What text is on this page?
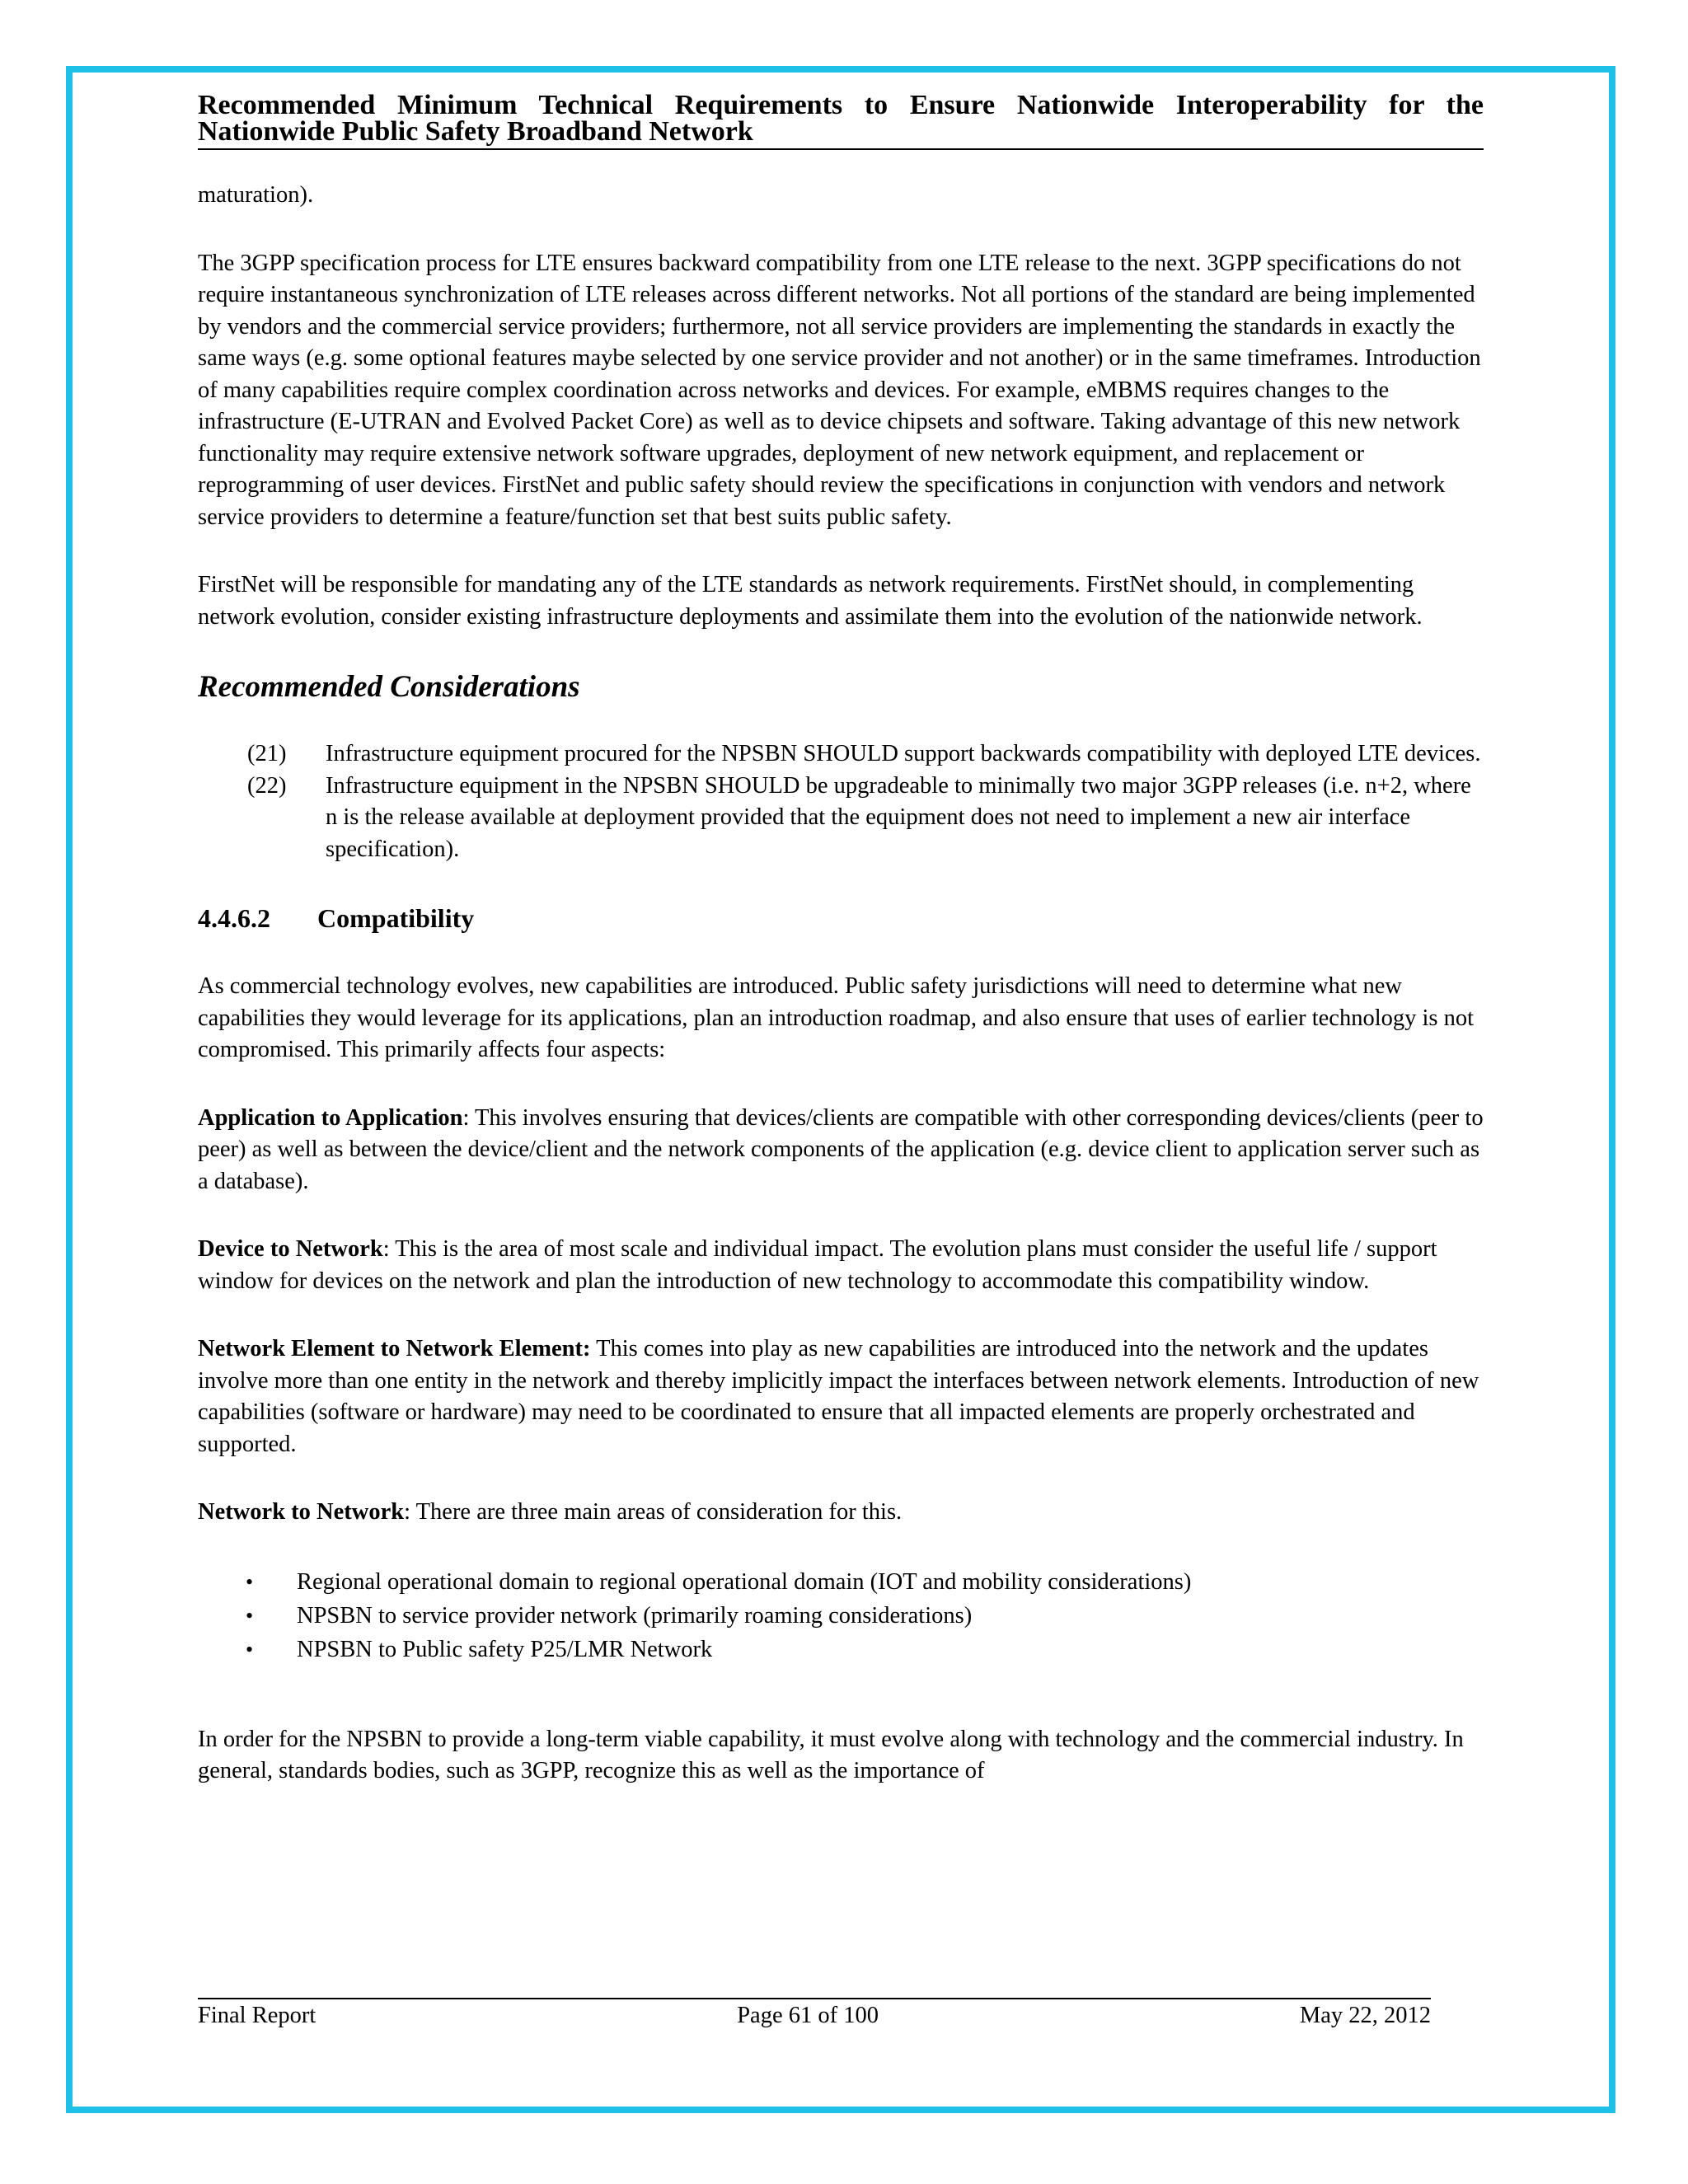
Recommended Minimum Technical Requirements to Ensure Nationwide Interoperability for the
Nationwide Public Safety Broadband Network

maturation).

The 3GPP specification process for LTE ensures backward compatibility from one LTE release to the next. 3GPP specifications do not require instantaneous synchronization of LTE releases across different networks. Not all portions of the standard are being implemented by vendors and the commercial service providers; furthermore, not all service providers are implementing the standards in exactly the same ways (e.g. some optional features maybe selected by one service provider and not another) or in the same timeframes. Introduction of many capabilities require complex coordination across networks and devices. For example, eMBMS requires changes to the infrastructure (E-UTRAN and Evolved Packet Core) as well as to device chipsets and software. Taking advantage of this new network functionality may require extensive network software upgrades, deployment of new network equipment, and replacement or reprogramming of user devices. FirstNet and public safety should review the specifications in conjunction with vendors and network service providers to determine a feature/function set that best suits public safety.

FirstNet will be responsible for mandating any of the LTE standards as network requirements. FirstNet should, in complementing network evolution, consider existing infrastructure deployments and assimilate them into the evolution of the nationwide network.

Recommended Considerations
(21) Infrastructure equipment procured for the NPSBN SHOULD support backwards compatibility with deployed LTE devices.
(22) Infrastructure equipment in the NPSBN SHOULD be upgradeable to minimally two major 3GPP releases (i.e. n+2, where n is the release available at deployment provided that the equipment does not need to implement a new air interface specification).
4.4.6.2 Compatibility

As commercial technology evolves, new capabilities are introduced. Public safety jurisdictions will need to determine what new capabilities they would leverage for its applications, plan an introduction roadmap, and also ensure that uses of earlier technology is not compromised. This primarily affects four aspects:

Application to Application: This involves ensuring that devices/clients are compatible with other corresponding devices/clients (peer to peer) as well as between the device/client and the network components of the application (e.g. device client to application server such as a database).

Device to Network: This is the area of most scale and individual impact. The evolution plans must consider the useful life / support window for devices on the network and plan the introduction of new technology to accommodate this compatibility window.

Network Element to Network Element: This comes into play as new capabilities are introduced into the network and the updates involve more than one entity in the network and thereby implicitly impact the interfaces between network elements. Introduction of new capabilities (software or hardware) may need to be coordinated to ensure that all impacted elements are properly orchestrated and supported.

Network to Network: There are three main areas of consideration for this.

• Regional operational domain to regional operational domain (IOT and mobility considerations)
• NPSBN to service provider network (primarily roaming considerations)
• NPSBN to Public safety P25/LMR Network

In order for the NPSBN to provide a long-term viable capability, it must evolve along with technology and the commercial industry. In general, standards bodies, such as 3GPP, recognize this as well as the importance of

Final Report	Page 61 of 100	May 22, 2012
